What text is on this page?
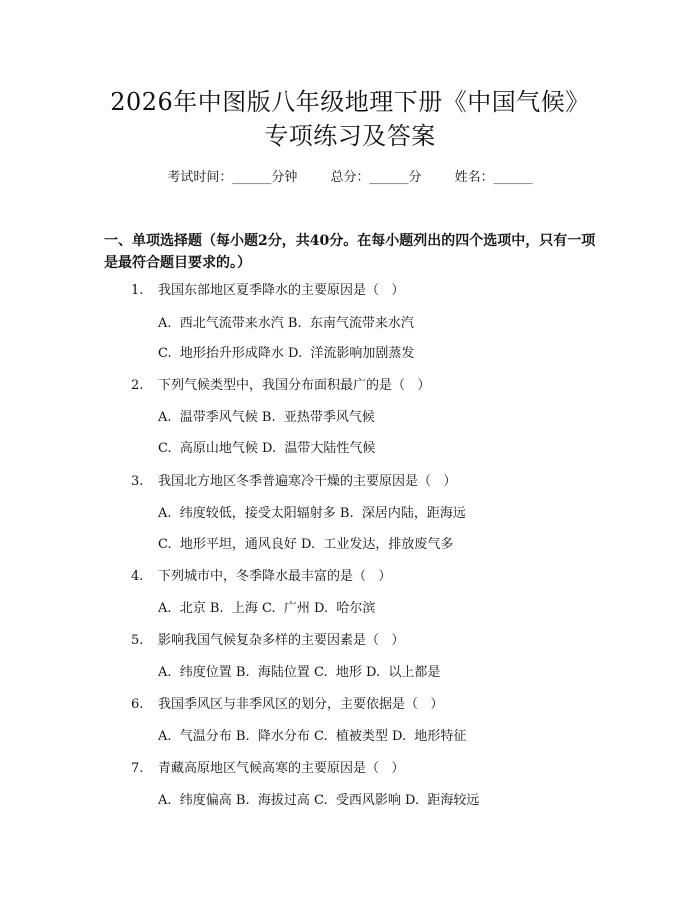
2026年中图版八年级地理下册《中国气候》
专项练习及答案
考试时间：______分钟	总分：______分	姓名：______
一、单项选择题（每小题2分，共40分。在每小题列出的四个选项中，只有一项是最符合题目要求的。）
1. 我国东部地区夏季降水的主要原因是（   ）
A.  西北气流带来水汽 B.  东南气流带来水汽
C.  地形抬升形成降水 D.  洋流影响加剧蒸发
2. 下列气候类型中，我国分布面积最广的是（   ）
A.  温带季风气候 B.  亚热带季风气候
C.  高原山地气候 D.  温带大陆性气候
3. 我国北方地区冬季普遍寒冷干燥的主要原因是（   ）
A.  纬度较低，接受太阳辐射多 B.  深居内陆，距海远
C.  地形平坦，通风良好 D.  工业发达，排放废气多
4. 下列城市中，冬季降水最丰富的是（   ）
A.  北京 B.  上海 C.  广州 D.  哈尔滨
5. 影响我国气候复杂多样的主要因素是（   ）
A.  纬度位置 B.  海陆位置 C.  地形 D.  以上都是
6. 我国季风区与非季风区的划分，主要依据是（   ）
A.  气温分布 B.  降水分布 C.  植被类型 D.  地形特征
7. 青藏高原地区气候高寒的主要原因是（   ）
A.  纬度偏高 B.  海拔过高 C.  受西风影响 D.  距海较远
